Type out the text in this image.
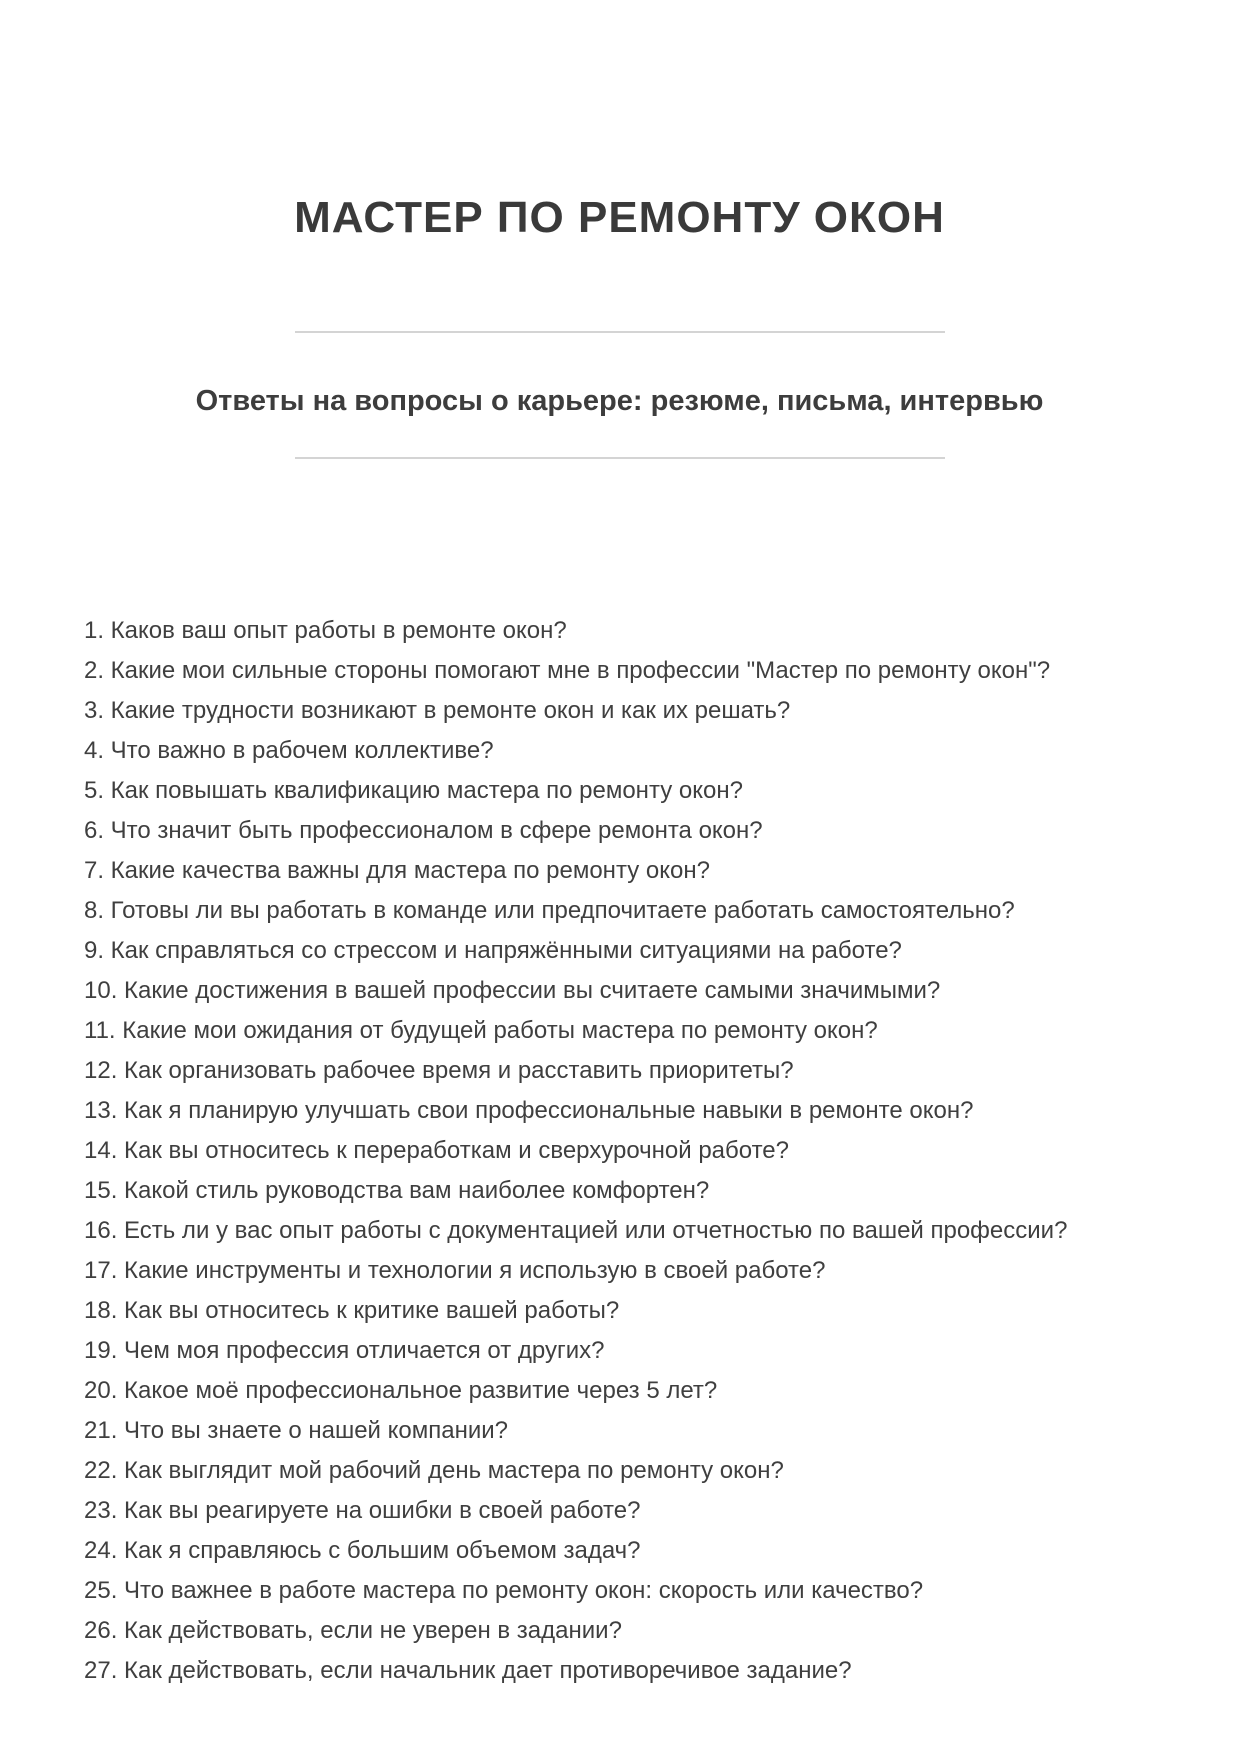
МАСТЕР ПО РЕМОНТУ ОКОН
Ответы на вопросы о карьере: резюме, письма, интервью
1. Каков ваш опыт работы в ремонте окон?
2. Какие мои сильные стороны помогают мне в профессии "Мастер по ремонту окон"?
3. Какие трудности возникают в ремонте окон и как их решать?
4. Что важно в рабочем коллективе?
5. Как повышать квалификацию мастера по ремонту окон?
6. Что значит быть профессионалом в сфере ремонта окон?
7. Какие качества важны для мастера по ремонту окон?
8. Готовы ли вы работать в команде или предпочитаете работать самостоятельно?
9. Как справляться со стрессом и напряжёнными ситуациями на работе?
10. Какие достижения в вашей профессии вы считаете самыми значимыми?
11. Какие мои ожидания от будущей работы мастера по ремонту окон?
12. Как организовать рабочее время и расставить приоритеты?
13. Как я планирую улучшать свои профессиональные навыки в ремонте окон?
14. Как вы относитесь к переработкам и сверхурочной работе?
15. Какой стиль руководства вам наиболее комфортен?
16. Есть ли у вас опыт работы с документацией или отчетностью по вашей профессии?
17. Какие инструменты и технологии я использую в своей работе?
18. Как вы относитесь к критике вашей работы?
19. Чем моя профессия отличается от других?
20. Какое моё профессиональное развитие через 5 лет?
21. Что вы знаете о нашей компании?
22. Как выглядит мой рабочий день мастера по ремонту окон?
23. Как вы реагируете на ошибки в своей работе?
24. Как я справляюсь с большим объемом задач?
25. Что важнее в работе мастера по ремонту окон: скорость или качество?
26. Как действовать, если не уверен в задании?
27. Как действовать, если начальник дает противоречивое задание?
